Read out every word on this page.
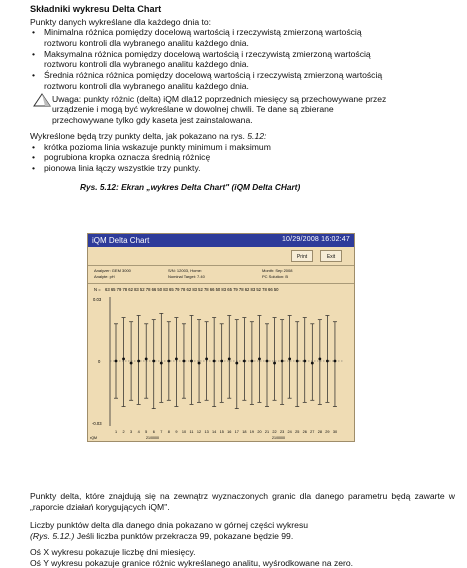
Składniki wykresu Delta Chart

Punkty danych wykreślane dla każdego dnia to:

• Minimalna różnica pomiędzy docelową wartością i rzeczywistą zmierzoną wartością
roztworu kontroli dla wybranego analitu każdego dnia.
• Maksymalna różnica pomiędzy docelową wartością i rzeczywistą zmierzoną wartością
roztworu kontroli dla wybranego analitu każdego dnia.
• Średnia różnica różnica pomiędzy docelową wartością i rzeczywistą zmierzoną wartością
roztworu kontroli dla wybranego analitu każdego dnia.
Uwaga: punkty różnic (delta) iQM dla12 poprzednich miesięcy są przechowywane przez
urządzenie i mogą być wykreślane w dowolnej chwili. Te dane są zbierane
przechowywane tylko gdy kaseta jest zainstalowana.

Wykreślone będą trzy punkty delta, jak pokazano na rys. 5.12:

• krótka pozioma linia wskazuje punkty minimum i maksimum
• pogrubiona kropka oznacza średnią różnicę
• pionowa linia łączy wszystkie trzy punkty.
Rys. 5.12: Ekran „wykres Delta Chart" (iQM Delta CHart)
iQM Delta Chart	10/29/2008 16:02:47
Print	Exit
Analyzer: GEM 3000
Analyte: pH
S/N: 12003, Home:
Nominal Target: 7.40
Month: Sep 2008
PC Solution: B
N = 63 65 79 78 62 83 52 78 66 50 83 65 79 78 62 83 52 78 66 50 83 65 79 78 62 83 52 78 66 50
0.03
0
-0.03
1 2 3 4 5 6 7 8 9 10 11 12 13 14 15 16 17 18 19 20 21 22 23 24 25 26 27 28 29 30
21/0000	21/0000
rQM

Punkty delta, które znajdują się na zewnątrz wyznaczonych granic dla danego parametru będą zawarte w „raporcie działań korygujących iQM".

Liczby punktów delta dla danego dnia pokazano w górnej części wykresu
(Rys. 5.12.) Jeśli liczba punktów przekracza 99, pokazane będzie 99.

Oś X wykresu pokazuje liczbę dni miesięcy.

Oś Y wykresu pokazuje granice różnic wykreślanego analitu, wyśrodkowane na zero.
